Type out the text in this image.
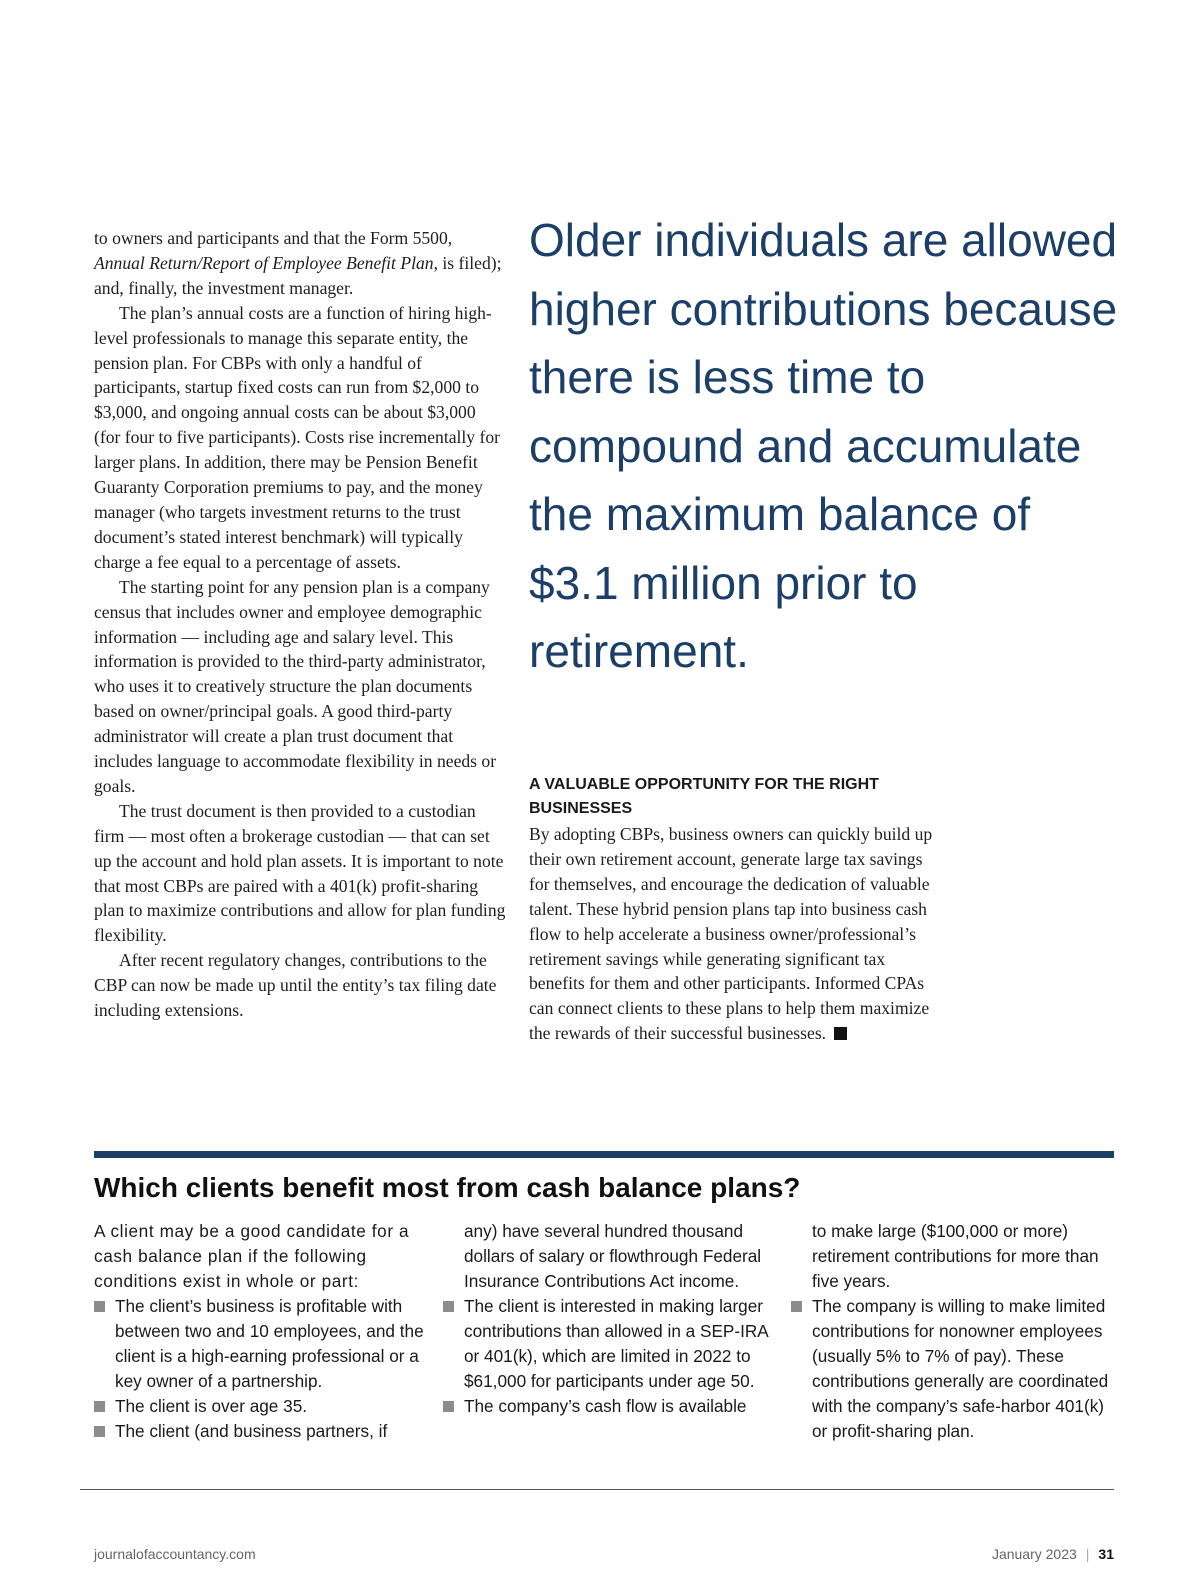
to owners and participants and that the Form 5500, Annual Return/Report of Employee Benefit Plan, is filed); and, finally, the investment manager.

The plan’s annual costs are a function of hiring high-level professionals to manage this separate entity, the pension plan. For CBPs with only a handful of participants, startup fixed costs can run from $2,000 to $3,000, and ongoing annual costs can be about $3,000 (for four to five participants). Costs rise incrementally for larger plans. In addition, there may be Pension Benefit Guaranty Corporation premiums to pay, and the money manager (who targets investment returns to the trust document’s stated interest benchmark) will typically charge a fee equal to a percentage of assets.

The starting point for any pension plan is a company census that includes owner and employee demographic information — including age and salary level. This information is provided to the third-party administrator, who uses it to creatively structure the plan documents based on owner/principal goals. A good third-party administrator will create a plan trust document that includes language to accommodate flexibility in needs or goals.

The trust document is then provided to a custodian firm — most often a brokerage custodian — that can set up the account and hold plan assets. It is important to note that most CBPs are paired with a 401(k) profit-sharing plan to maximize contributions and allow for plan funding flexibility.

After recent regulatory changes, contributions to the CBP can now be made up until the entity’s tax filing date including extensions.

Older individuals are allowed higher contributions because there is less time to compound and accumulate the maximum balance of $3.1 million prior to retirement.

A VALUABLE OPPORTUNITY FOR THE RIGHT BUSINESSES

By adopting CBPs, business owners can quickly build up their own retirement account, generate large tax savings for themselves, and encourage the dedication of valuable talent. These hybrid pension plans tap into business cash flow to help accelerate a business owner/professional’s retirement savings while generating significant tax benefits for them and other participants. Informed CPAs can connect clients to these plans to help them maximize the rewards of their successful businesses.

Which clients benefit most from cash balance plans?

A client may be a good candidate for a cash balance plan if the following conditions exist in whole or part:

The client’s business is profitable with between two and 10 employees, and the client is a high-earning professional or a key owner of a partnership.

The client is over age 35.

The client (and business partners, if

any) have several hundred thousand dollars of salary or flowthrough Federal Insurance Contributions Act income.

The client is interested in making larger contributions than allowed in a SEP-IRA or 401(k), which are limited in 2022 to $61,000 for participants under age 50.

The company’s cash flow is available

to make large ($100,000 or more) retirement contributions for more than five years.

The company is willing to make limited contributions for nonowner employees (usually 5% to 7% of pay). These contributions generally are coordinated with the company’s safe-harbor 401(k) or profit-sharing plan.

journalofaccountancy.com	January 2023 | 31
